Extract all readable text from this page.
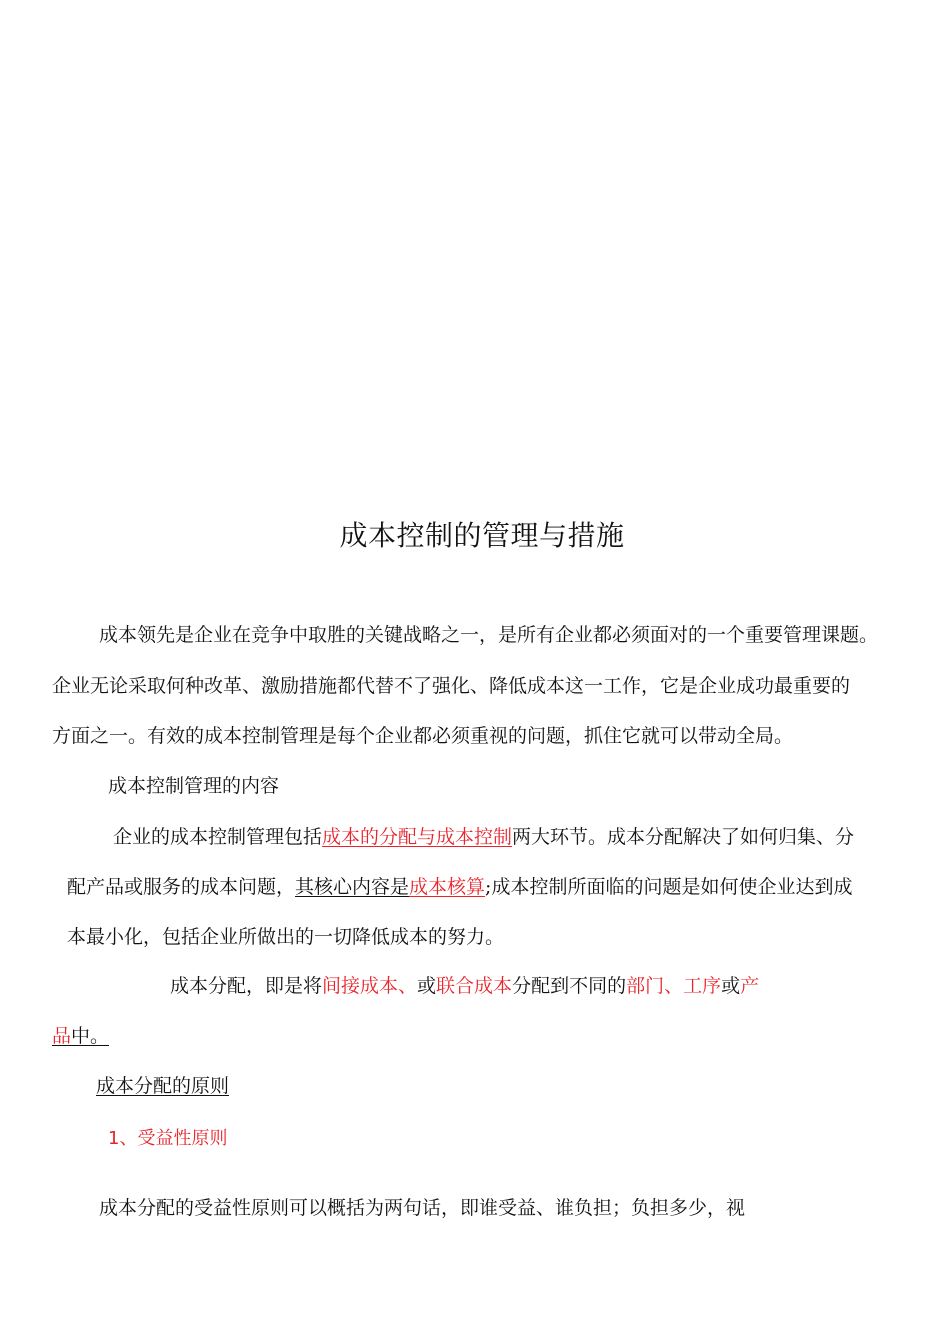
成本控制的管理与措施
成本领先是企业在竞争中取胜的关键战略之一，是所有企业都必须面对的一个重要管理课题。
企业无论采取何种改革、激励措施都代替不了强化、降低成本这一工作，它是企业成功最重要的
方面之一。有效的成本控制管理是每个企业都必须重视的问题，抓住它就可以带动全局。
成本控制管理的内容
企业的成本控制管理包括成本的分配与成本控制两大环节。成本分配解决了如何归集、分
配产品或服务的成本问题，其核心内容是成本核算;成本控制所面临的问题是如何使企业达到成
本最小化，包括企业所做出的一切降低成本的努力。
成本分配，即是将间接成本、或联合成本分配到不同的部门、工序或产
品中。
成本分配的原则
1、受益性原则
成本分配的受益性原则可以概括为两句话，即谁受益、谁负担；负担多少，视
